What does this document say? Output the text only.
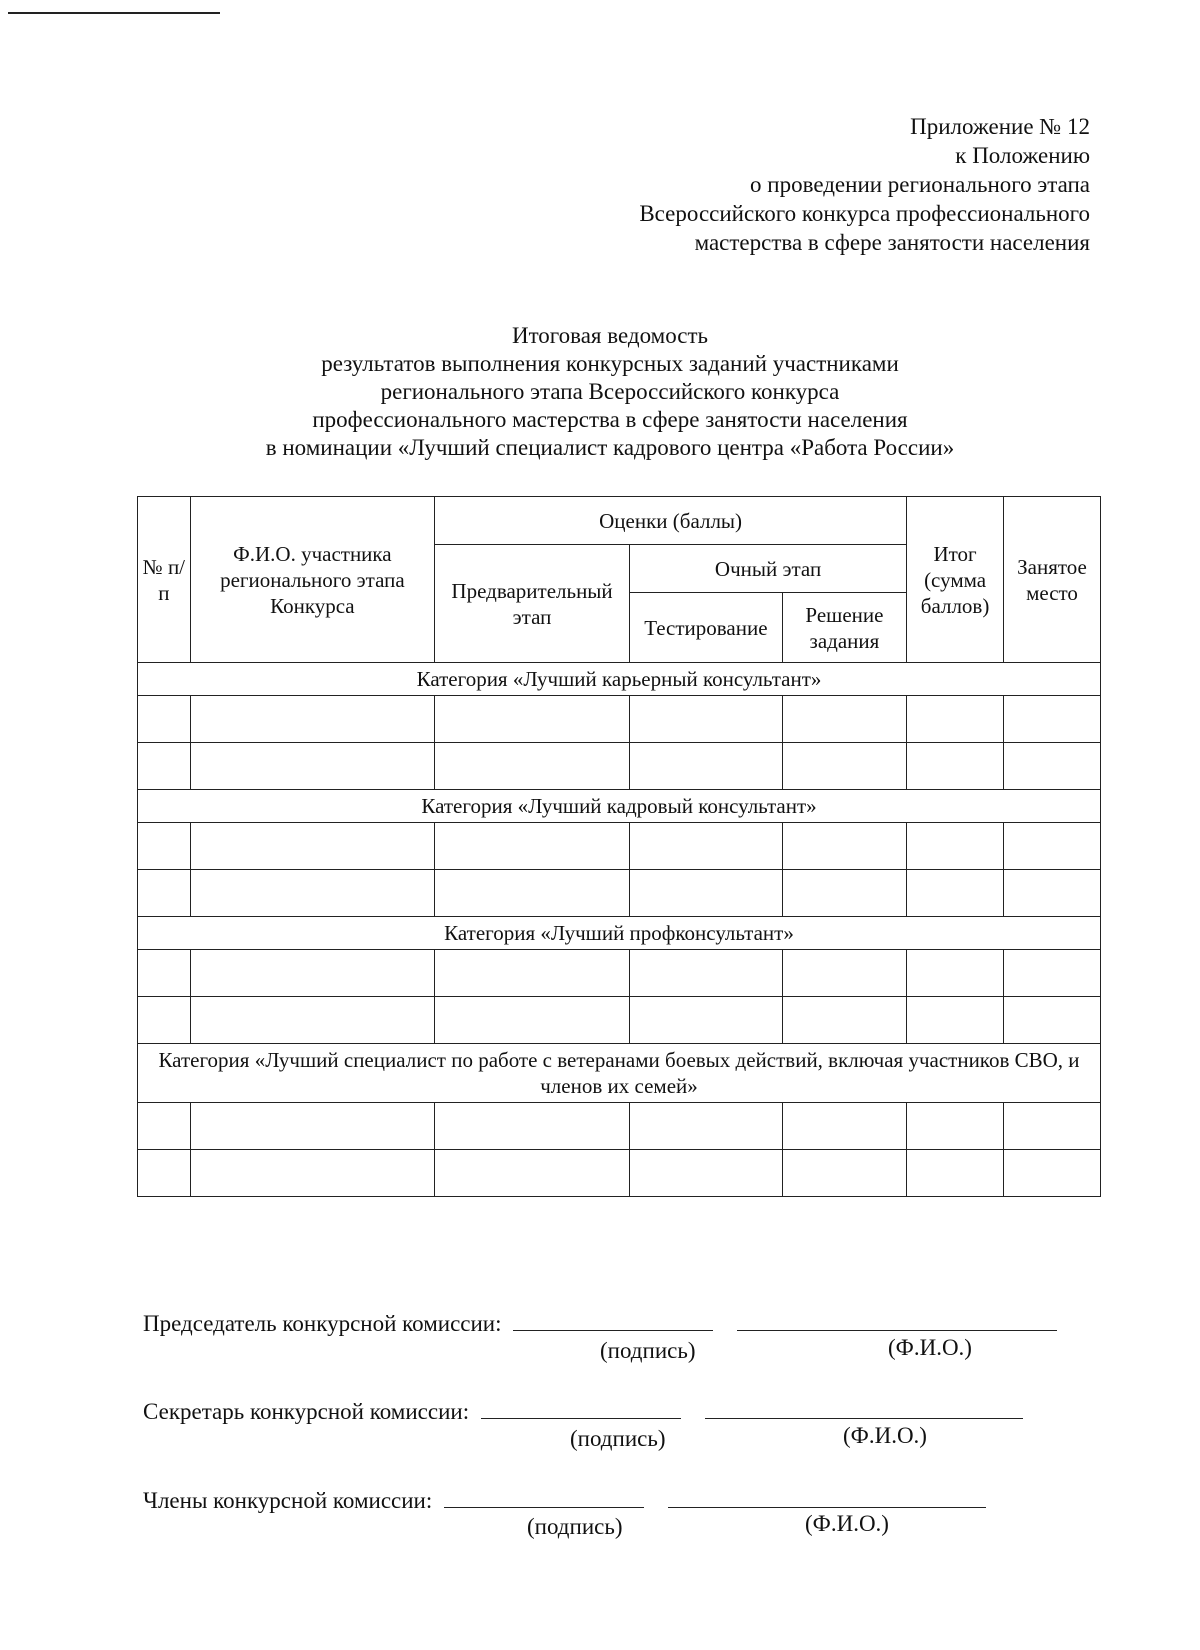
Приложение № 12
к Положению
о проведении регионального этапа
Всероссийского конкурса профессионального
мастерства в сфере занятости населения
Итоговая ведомость
результатов выполнения конкурсных заданий участниками
регионального этапа Всероссийского конкурса
профессионального мастерства в сфере занятости населения
в номинации «Лучший специалист кадрового центра «Работа России»
№ п/п	Ф.И.О. участника регионального этапа Конкурса	Оценки (баллы)			Итог (сумма баллов)	Занятое место
		Предварительный этап	Очный этап			
			Тестирование	Решение задания		
Категория «Лучший карьерный консультант»						

Категория «Лучший кадровый консультант»						

Категория «Лучший профконсультант»						

Категория «Лучший специалист по работе с ветеранами боевых действий, включая участников СВО, и членов их семей»						

Председатель конкурсной комиссии:
(подпись)	(Ф.И.О.)
Секретарь конкурсной комиссии:
(подпись)	(Ф.И.О.)
Члены конкурсной комиссии:
(подпись)	(Ф.И.О.)
